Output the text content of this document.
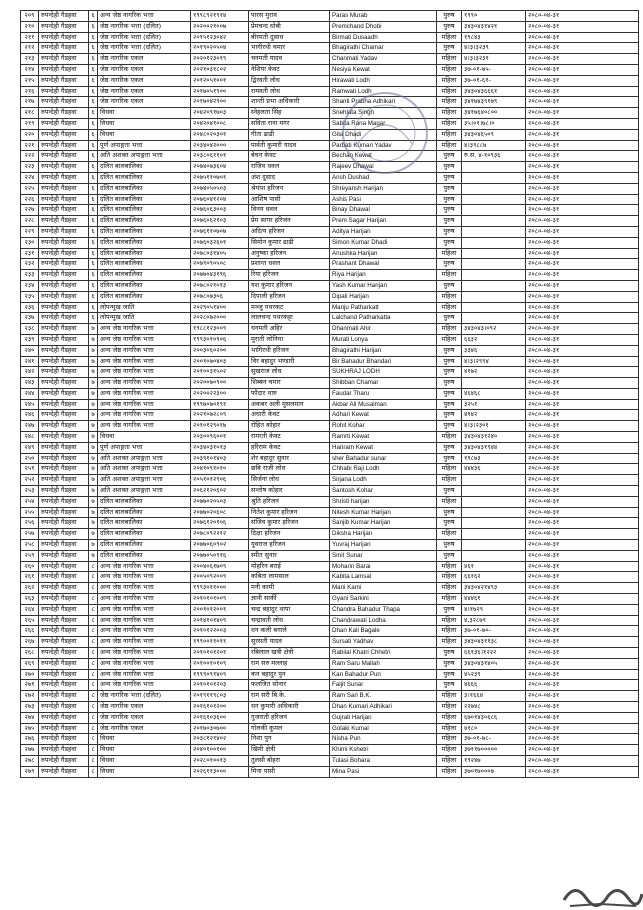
२०९	रुपन्देही गैडहवा	६	अन्य जेष्ठ नागरिक भत्ता	१९९८९२१९१४	पारस मुराव	Paras Murab	पुरुष	१९९०	२०८०-०४-३१
२१०	रुपन्देही गैडहवा	६	जेष्ठ नागरिक भत्ता (दलित)	२०२००२१००७	प्रेमचन्द धोबी	Premchand Dhobi	पुरुष	३४३०४३१४२१	२०८०-०४-३१
२११	रुपन्देही गैडहवा	६	जेष्ठ नागरिक भत्ता (दलित)	२०१५१२३०४२	बीरमती दुसाध	Birmati Dusaadh	महिला	१९८४३	२०८०-०४-३१
२१२	रुपन्देही गैडहवा	६	जेष्ठ नागरिक भत्ता (दलित)	२०१९०२०५०४	भागीरथी चमार	Bhagirathi Chamar	पुरुष	४।३।३२३९	२०८०-०४-३१
२१३	रुपन्देही गैडहवा	६	जेष्ठ नागरिक एकल	२०२०१२३०१९	चनमती यादव	Chanmati Yadav	महिला	४।३।३२३१	२०८०-०४-३१
२१४	रुपन्देही गैडहवा	६	जेष्ठ नागरिक एकल	२०२१०३१८०२	नेशिया केवट	Nesiya Kewat	महिला	३७-०१-७५-	२०८०-०४-३१
२१५	रुपन्देही गैडहवा	६	जेष्ठ नागरिक एकल	२०१२०५१००१	द्विरवती लोध	Hirawati Lodh	महिला	३७-०१-६१-	२०८०-०४-३१
२१६	रुपन्देही गैडहवा	६	जेष्ठ नागरिक एकल	२०१७०५१९००	रामवती लोध	Ramwati Lodh	महिला	३४३०४३६६६१	२०८०-०४-३१
२१७	रुपन्देही गैडहवा	६	जेष्ठ नागरिक एकल	२०१७०४२९००	शान्ती प्रभा अधिकारी	Shanti Prabha Adhikari	महिला	३४१७४३९१७९	२०८०-०४-३१
२१८	रुपन्देही गैडहवा	६	विधवा	२०४२०९१७०३	स्नेहलता सिंह	Snehlata Singh	महिला	३४१७६४०८००	२०८०-०४-३१
२१९	रुपन्देही गैडहवा	६	विधवा	२०४२०४१००८	सविता राना मगर	Sabita Rana Magar	महिला	३५।०१।७८।०	२०८०-०४-३१
२२०	रुपन्देही गैडहवा	६	विधवा	२०४८०२०३०१	गीता ढाढी	Gita Dhadi	महिला	३४३०४६५०९	२०८०-०४-३१
२२१	रुपन्देही गैडहवा	६	पूर्ण अपाङ्गता भत्ता	२०३४०४२०००	पार्वती कुमारी यादव	Parbati Kumari Yadav	महिला	४।३९८८७	२०८०-०४-३१
२२२	रुपन्देही गैडहवा	६	अति अशक्त अपाङ्गता भत्ता	२०३८०६११०१	बेचन केवट	Bechan Kewat	पुरुष	रु.स. ४-१०९३६	२०८०-०४-३१
२२३	रुपन्देही गैडहवा	६	दलित बालबालिका	२०७४०७३६०४	राजिव धवल	Rajeev Dhawal	पुरुष		२०८०-०४-३१
२२४	रुपन्देही गैडहवा	६	दलित बालबालिका	२०७५११०७०१	अंश दुसाद	Ansh Dushad	पुरुष		२०८०-०४-३१
२२५	रुपन्देही गैडहवा	६	दलित बालबालिका	२०७४०५०५०३	श्रेयांश हरिजन	Shreyansh Harijan	पुरुष		२०८०-०४-३१
२२६	रुपन्देही गैडहवा	६	दलित बालबालिका	२०७६०४१२०४	आशिष पासी	Ashis Pasi	पुरुष		२०८०-०४-३१
२२७	रुपन्देही गैडहवा	६	दलित बालबालिका	२०७६०६३००३	विनय धवल	Binay Dhawal	पुरुष		२०८०-०४-३१
२२८	रुपन्देही गैडहवा	६	दलित बालबालिका	२०७६०६२१०३	प्रेम सागर हरिजन	Prem Sagar Harijan	पुरुष		२०८०-०४-३१
२२९	रुपन्देही गैडहवा	६	दलित बालबालिका	२०७६११०७०७	अदित्य हरिजन	Aditya Harijan	पुरुष		२०८०-०४-३१
२३०	रुपन्देही गैडहवा	६	दलित बालबालिका	२०७६०३२६०१	सिमोन कुमार ढाढी	Simon Kumar Dhadi	पुरुष		२०८०-०४-३१
२३१	रुपन्देही गैडहवा	६	दलित बालबालिका	२०७८०३१४०५	अनुष्का हरिजन	Anushka Harijan	महिला		२०८०-०४-३१
२३२	रुपन्देही गैडहवा	६	दलित बालबालिका	२०७९०९०५०८	प्रशान्त धवल	Prashant Dhawal	पुरुष		२०८०-०४-३१
२३३	रुपन्देही गैडहवा	६	दलित बालबालिका	२०७७०४३१९६	रिया हरिजन	Riya Harijan	महिला		२०८०-०४-३१
२३४	रुपन्देही गैडहवा	६	दलित बालबालिका	२०७८०२१०१३	यश कुमार हरिजन	Yash Kumar Harijan	पुरुष		२०८०-०४-३१
२३५	रुपन्देही गैडहवा	६	दलित बालबालिका	२०७८०७३०६	दिपाली हरिजन	Dipali Harijan	महिला		२०८०-०४-३१
२३६	रुपन्देही गैडहवा	६	लोपन्मुख जाति	२०२९०५१४००	मञ्जु पथरकट	Manju Patharkatt	महिला		२०८०-०४-३१
२३७	रुपन्देही गैडहवा	६	लोपन्मुख जाति	२०२८०७२०००	लालचन्द पथरकट्टा	Lalchand Patharkatta	पुरुष		२०८०-०४-३१
२३८	रुपन्देही गैडहवा	७	अन्य जेष्ठ नागरिक भत्ता	१९८८१२३००९	धनमती अहिर	Dhanmati Ahir	महिला	३४३०४३।०९२	२०८०-०४-३१
२३९	रुपन्देही गैडहवा	७	अन्य जेष्ठ नागरिक भत्ता	१९९३०१०९०६	मुराती लोनिया	Murati Lonya	महिला	६६३२	२०८०-०४-३१
२४०	रुपन्देही गैडहवा	७	अन्य जेष्ठ नागरिक भत्ता	२००३०६०२००	भागिरथी हरिजन	Bhagirathi Harijan	पुरुष	३३४६	२०८०-०४-३१
२४१	रुपन्देही गैडहवा	७	अन्य जेष्ठ नागरिक भत्ता	२००१०७०४०३	विर बहादुर भण्डारी	Bir Bahadur Bhandari	पुरुष	४।३।२९९४	२०८०-०४-३१
२४२	रुपन्देही गैडहवा	७	अन्य जेष्ठ नागरिक भत्ता	२०१००३१५०२	सुखराज लोध	SUKHRAJ LODH	पुरुष	४१७२	२०८०-०४-३१
२४३	रुपन्देही गैडहवा	७	अन्य जेष्ठ नागरिक भत्ता	२०२००७०९००	शिब्बन चमार	Shibban Chamar	पुरुष		२०८०-०४-३१
२४४	रुपन्देही गैडहवा	७	अन्य जेष्ठ नागरिक भत्ता	२०२००२२३००	फौदार थारु	Faudar Tharu	पुरुष	४६४६८	२०८०-०४-३१
२४५	रुपन्देही गैडहवा	७	अन्य जेष्ठ नागरिक भत्ता	१९९७०७०१९१	अकबर अली मुसलमान	Akbar Ali Musalman	पुरुष	३२५१	२०८०-०४-३१
२४६	रुपन्देही गैडहवा	७	अन्य जेष्ठ नागरिक भत्ता	२०२१०७२८०९	अधारी केवट	Adhari Kewat	पुरुष	४१४२	२०८०-०४-३१
२४७	रुपन्देही गैडहवा	७	अन्य जेष्ठ नागरिक भत्ता	२०१०१२९०१७	रोहित कोहार	Rohit Kohar	पुरुष	४।३।२३०१	२०८०-०४-३१
२४८	रुपन्देही गैडहवा	७	विधवा	२०३००९६००१	रामरती केवट	Ramrti Kewat	महिला	३४३०४३१२४०	२०८०-०४-३१
२४९	रुपन्देही गैडहवा	७	पूर्ण अपाङ्गता भत्ता	२०३४०३१०१३	हरिराम केवट	Hariram Kewat	पुरुष	३४३०४३१९४४	२०८०-०४-३१
२५०	रुपन्देही गैडहवा	७	अति अशक्त अपाङ्गता भत्ता	२०३९१०१४०३	शेर बहादुर सुनार	sher Bahadur sunar	पुरुष	१९८७३	२०८०-०४-३१
२५१	रुपन्देही गैडहवा	७	अति अशक्त अपाङ्गता भत्ता	२०४१०९१०१०	छबि राजी लोध	Chhabi Raji Lodh	महिला	४४४३६	२०८०-०४-३१
२५२	रुपन्देही गैडहवा	७	अति अशक्त अपाङ्गता भत्ता	२०५१०१२९०६	सिर्जना लोध	Sirjana Lodh	महिला		२०८०-०४-३१
२५३	रुपन्देही गैडहवा	७	अति अशक्त अपाङ्गता भत्ता	२०६२१२०६०२	सन्तोष कोहार	Santosh Kohar	पुरुष		२०८०-०४-३१
२५४	रुपन्देही गैडहवा	७	दलित बालबालिका	२०७७०२०५०३	श्रुति हरिजन	Shristi harijan	महिला		२०८०-०४-३१
२५५	रुपन्देही गैडहवा	७	दलित बालबालिका	२०७७०२०६०८	नितेश कुमार हरिजन	Nitesh Kumar Harijan	पुरुष		२०८०-०४-३१
२५६	रुपन्देही गैडहवा	७	दलित बालबालिका	२०७६१२०१०६	संजिव कुमार हरिजन	Sanjib Kumar Harijan	पुरुष		२०८०-०४-३१
२५७	रुपन्देही गैडहवा	७	दलित बालबालिका	२०७८०९२२१२	दिक्षा हरिजन	Diksha Harijan	महिला		२०८०-०४-३१
२५८	रुपन्देही गैडहवा	७	दलित बालबालिका	२०७७०६०९०२	युवराज हरिजन	Yuvraj Harijan	पुरुष		२०८०-०४-३१
२५९	रुपन्देही गैडहवा	७	दलित बालबालिका	२०७७०५०९१६	स्मीत सुनार	Smit Sunar	पुरुष		२०८०-०४-३१
२६०	रुपन्देही गैडहवा	८	अन्य जेष्ठ नागरिक भत्ता	२००४०६१७०९	मोहरिन बराई	Moharin Barai	महिला	४६१	२०८०-०४-३१
२६१	रुपन्देही गैडहवा	८	अन्य जेष्ठ नागरिक भत्ता	२००५०९२००९	कबिता लामसाल	Kabita Lamsal	महिला	६६१६२	२०८०-०४-३१
२६२	रुपन्देही गैडहवा	८	अन्य जेष्ठ नागरिक भत्ता	१९९३०११०००	मनी कामी	Mani Kami	महिला	३४३०४२१४९३	२०८०-०४-३१
२६३	रुपन्देही गैडहवा	८	अन्य जेष्ठ नागरिक भत्ता	२०१०१०१००९	ज्ञानी सार्की	Gyani Sarkini	महिला	४४४६१	२०८०-०४-३१
२६४	रुपन्देही गैडहवा	८	अन्य जेष्ठ नागरिक भत्ता	२००१०१२००१	चन्द्र बहादुर थापा	Chandra Bahadur Thapa	पुरुष	४।१७२९	२०८०-०४-३१
२६५	रुपन्देही गैडहवा	८	अन्य जेष्ठ नागरिक भत्ता	२०१४१०१४०९	चन्द्रावती लोध	Chandrawati Lodha	महिला	४,३२८७९	२०८०-०४-३१
२६६	रुपन्देही गैडहवा	८	अन्य जेष्ठ नागरिक भत्ता	२०१०१२२००३	धन कली बगाले	Dhan Kali Bagale	महिला	३७-०१-७०-	२०८०-०४-३१
२६७	रुपन्देही गैडहवा	८	अन्य जेष्ठ नागरिक भत्ता	१९९००११०११	सुरसती यादव	Sursati Yadhav	महिला	३४३०४३११३८	२०८०-०४-३१
२६८	रुपन्देही गैडहवा	८	अन्य जेष्ठ नागरिक भत्ता	२०१०१०१२०१	रबिलाल खत्री क्षेत्री	Rabilal Khatri Chhetri	पुरुष	६६१३६।१२२२	२०८०-०४-३१
२६९	रुपन्देही गैडहवा	८	अन्य जेष्ठ नागरिक भत्ता	२०१००१०१०९	राम सरु मल्लाह	Ram Saru Mallah	पुरुष	३४३०४३१४०५	२०८०-०४-३१
२७०	रुपन्देही गैडहवा	८	अन्य जेष्ठ नागरिक भत्ता	१९९९०९१४०९	कन बहादुर पुन	Kan Bahadur Pun	पुरुष	४५२३९	२०८०-०४-३१
२७१	रुपन्देही गैडहवा	८	अन्य जेष्ठ नागरिक भत्ता	२०१०१०१२०३	फलजित सोनार	Faljit Sunar	पुरुष	४६६६	२०८०-०४-३१
२७२	रुपन्देही गैडहवा	८	जेष्ठ नागरिक भत्ता (दलित)	२०१९११९८०३	राम सरी बि.के.	Ram Sari B.K.	महिला	३।१६६४	२०८०-०४-३१
२७३	रुपन्देही गैडहवा	८	जेष्ठ नागरिक एकल	२०१६१०१२००	धन कुमारी अधिकारी	Dhan Kumari Adhikari	महिला	२२७४८	२०८०-०४-३१
२७४	रुपन्देही गैडहवा	८	जेष्ठ नागरिक एकल	२०१६१०३६००	गुजराती हरिजन	Gujrati Harijan	महिला	६७०१४३०६८६	२०८०-०४-३१
२७५	रुपन्देही गैडहवा	८	जेष्ठ नागरिक एकल	२०१७०३०७००	गोलकी कुमल	Golaki Kumal	महिला	४१८०	२०८०-०४-३१
२७६	रुपन्देही गैडहवा	८	विधवा	२०३८१२१४०२	निशा पुन	Nisha Pun	महिला	३७-०१-७८-	२०८०-०४-३१
२७७	रुपन्देही गैडहवा	८	विधवा	२०४०१००१००	खिमी क्षेत्री	Khimi Kshetri	महिला	३७११७०००००	२०८०-०४-३१
२७८	रुपन्देही गैडहवा	८	विधवा	२०२८०१००१३	तुलसी बोहरा	Tulasi Bohara	महिला	१९२४७	२०८०-०४-३१
२७९	रुपन्देही गैडहवा	८	विधवा	२०२६११३०००	मिना पासी	Mina Pasi	महिला	३७०१७०००७	२०८०-०४-३१
